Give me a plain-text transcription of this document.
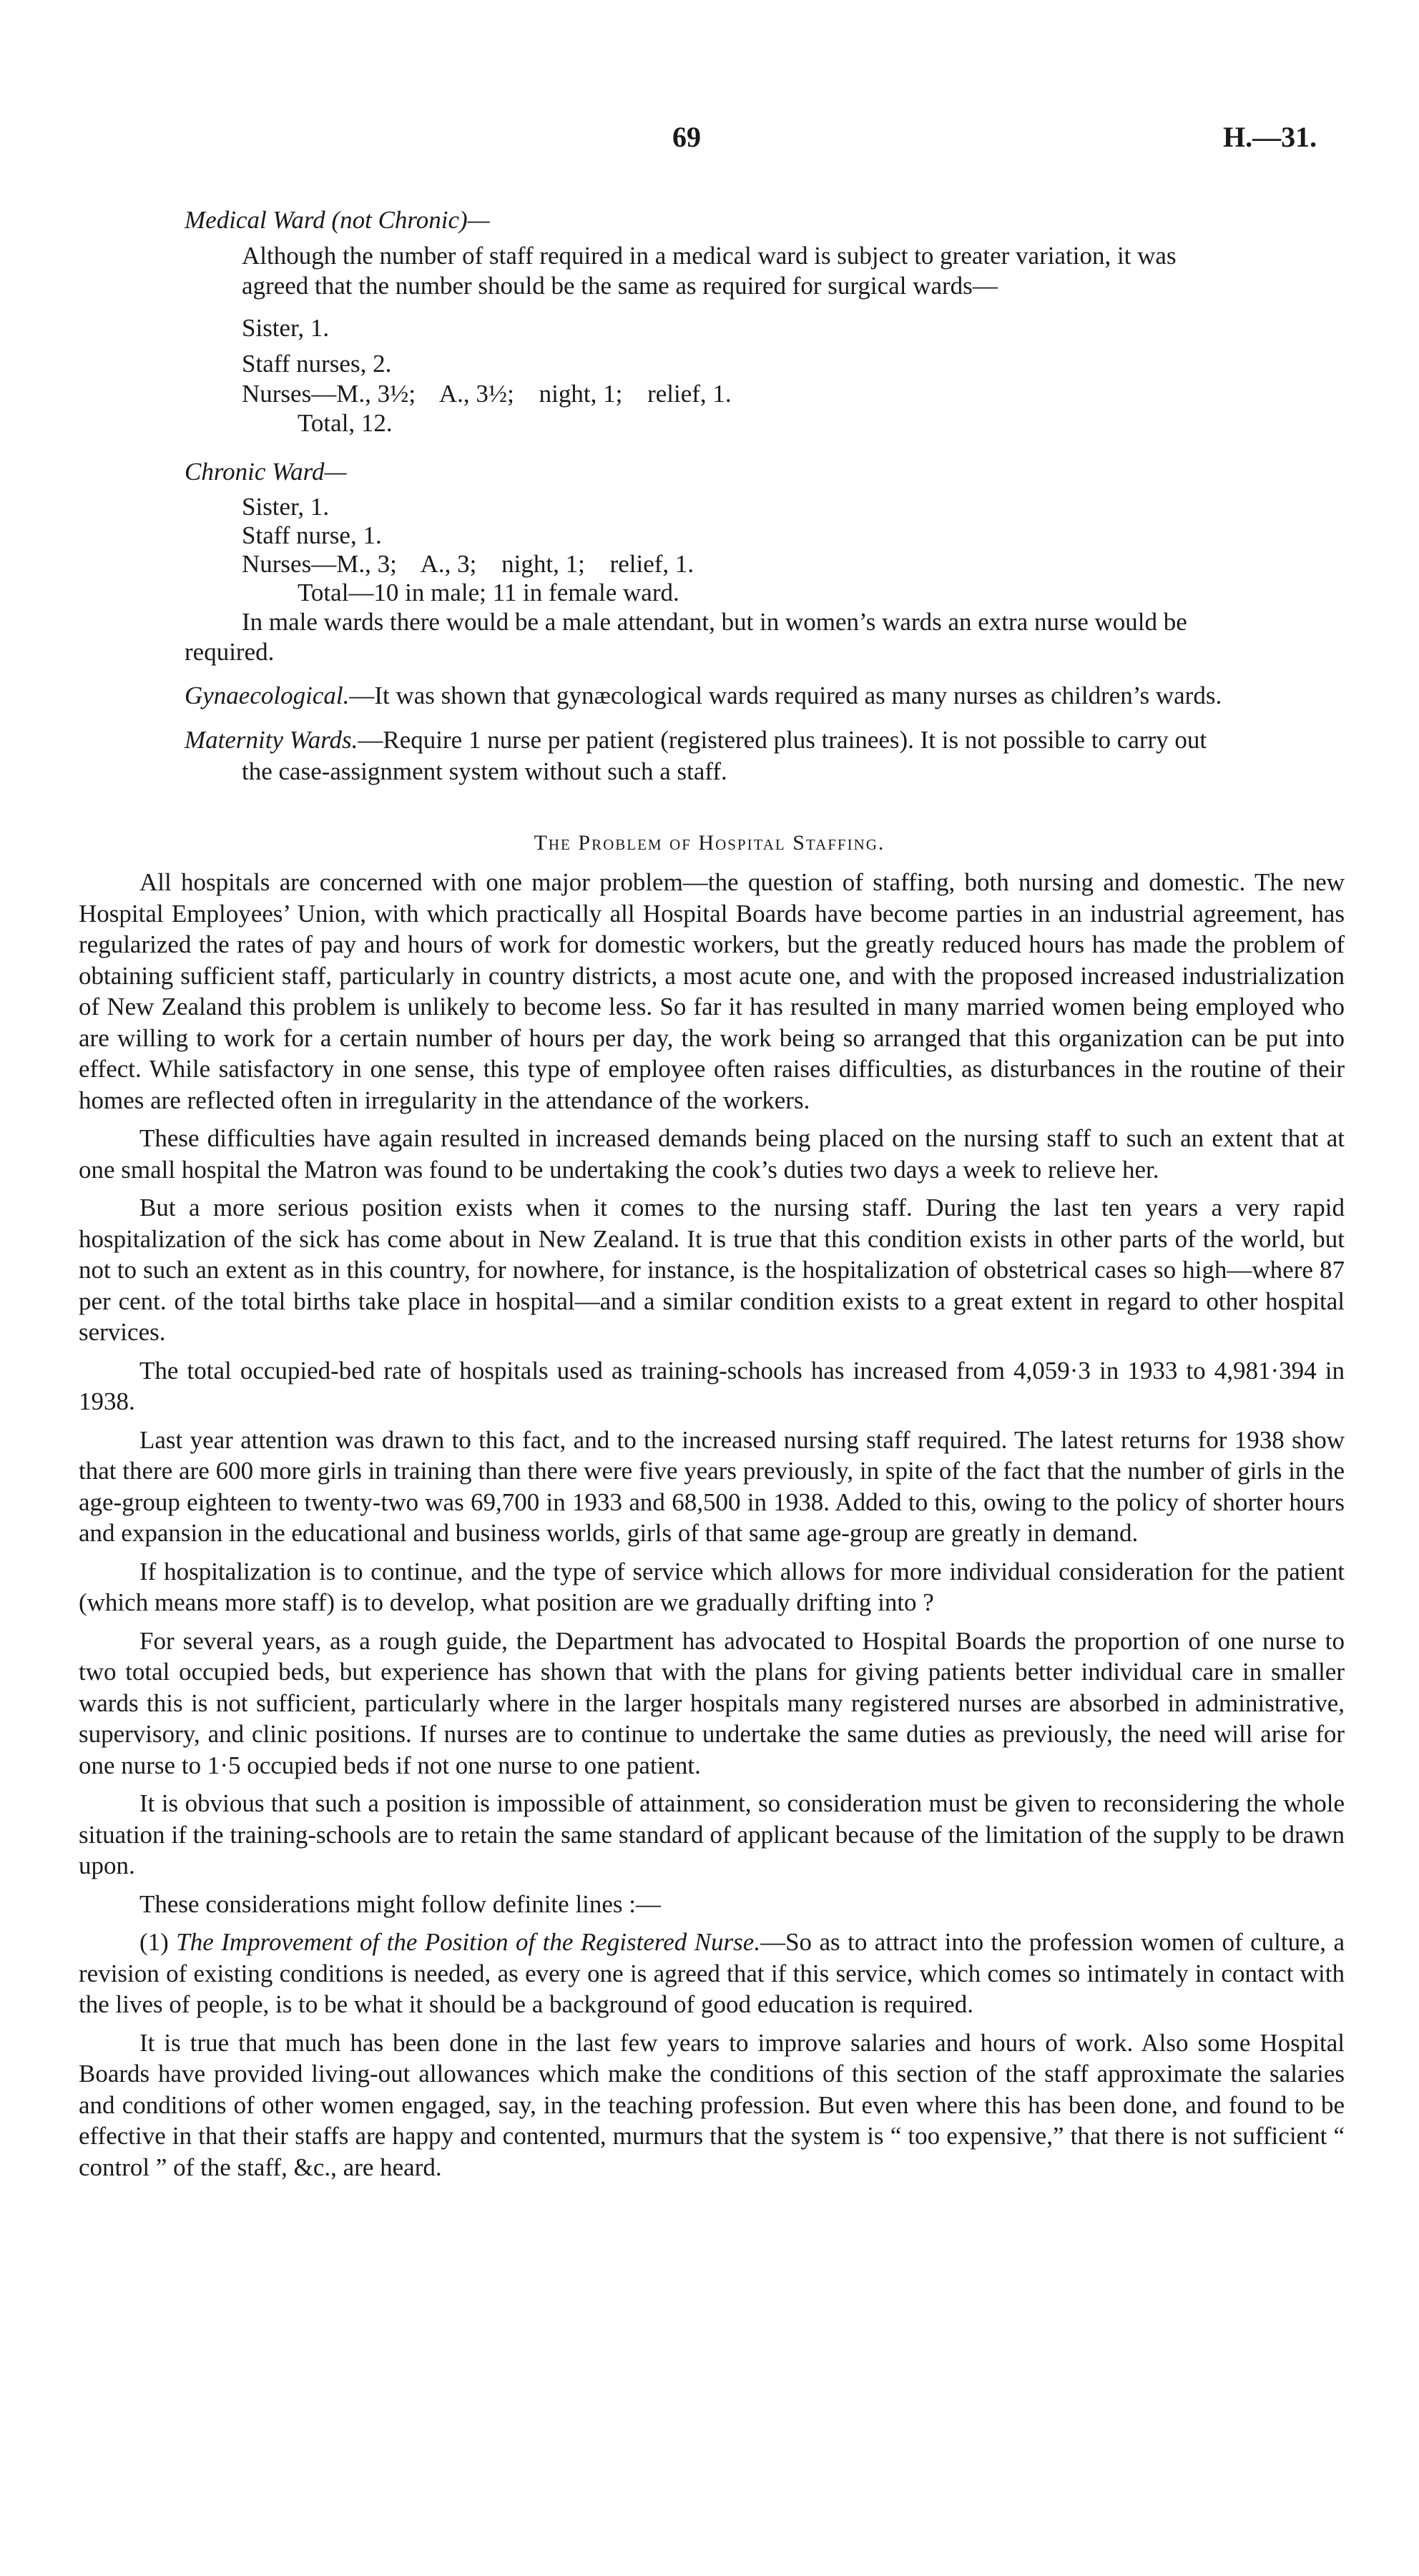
69	H.—31.

Medical Ward (not Chronic)—

Although the number of staff required in a medical ward is subject to greater variation, it was agreed that the number should be the same as required for surgical wards—

Sister, 1.

Staff nurses, 2.

Nurses—M., 3½; A., 3½; night, 1; relief, 1.

Total, 12.

Chronic Ward—

Sister, 1.

Staff nurse, 1.

Nurses—M., 3; A., 3; night, 1; relief, 1.

Total—10 in male; 11 in female ward.

In male wards there would be a male attendant, but in women’s wards an extra nurse would be required.

Gynaecological.—It was shown that gynæcological wards required as many nurses as children’s wards.

Maternity Wards.—Require 1 nurse per patient (registered plus trainees). It is not possible to carry out the case-assignment system without such a staff.

The Problem of Hospital Staffing.

All hospitals are concerned with one major problem—the question of staffing, both nursing and domestic. The new Hospital Employees’ Union, with which practically all Hospital Boards have become parties in an industrial agreement, has regularized the rates of pay and hours of work for domestic workers, but the greatly reduced hours has made the problem of obtaining sufficient staff, particularly in country districts, a most acute one, and with the proposed increased industrialization of New Zealand this problem is unlikely to become less. So far it has resulted in many married women being employed who are willing to work for a certain number of hours per day, the work being so arranged that this organization can be put into effect. While satisfactory in one sense, this type of employee often raises difficulties, as disturbances in the routine of their homes are reflected often in irregularity in the attendance of the workers.

These difficulties have again resulted in increased demands being placed on the nursing staff to such an extent that at one small hospital the Matron was found to be undertaking the cook’s duties two days a week to relieve her.

But a more serious position exists when it comes to the nursing staff. During the last ten years a very rapid hospitalization of the sick has come about in New Zealand. It is true that this condition exists in other parts of the world, but not to such an extent as in this country, for nowhere, for instance, is the hospitalization of obstetrical cases so high—where 87 per cent. of the total births take place in hospital—and a similar condition exists to a great extent in regard to other hospital services.

The total occupied-bed rate of hospitals used as training-schools has increased from 4,059·3 in 1933 to 4,981·394 in 1938.

Last year attention was drawn to this fact, and to the increased nursing staff required. The latest returns for 1938 show that there are 600 more girls in training than there were five years previously, in spite of the fact that the number of girls in the age-group eighteen to twenty-two was 69,700 in 1933 and 68,500 in 1938. Added to this, owing to the policy of shorter hours and expansion in the educational and business worlds, girls of that same age-group are greatly in demand.

If hospitalization is to continue, and the type of service which allows for more individual consideration for the patient (which means more staff) is to develop, what position are we gradually drifting into ?

For several years, as a rough guide, the Department has advocated to Hospital Boards the proportion of one nurse to two total occupied beds, but experience has shown that with the plans for giving patients better individual care in smaller wards this is not sufficient, particularly where in the larger hospitals many registered nurses are absorbed in administrative, supervisory, and clinic positions. If nurses are to continue to undertake the same duties as previously, the need will arise for one nurse to 1·5 occupied beds if not one nurse to one patient.

It is obvious that such a position is impossible of attainment, so consideration must be given to reconsidering the whole situation if the training-schools are to retain the same standard of applicant because of the limitation of the supply to be drawn upon.

These considerations might follow definite lines :—

(1) The Improvement of the Position of the Registered Nurse.—So as to attract into the profession women of culture, a revision of existing conditions is needed, as every one is agreed that if this service, which comes so intimately in contact with the lives of people, is to be what it should be a background of good education is required.

It is true that much has been done in the last few years to improve salaries and hours of work. Also some Hospital Boards have provided living-out allowances which make the conditions of this section of the staff approximate the salaries and conditions of other women engaged, say, in the teaching profession. But even where this has been done, and found to be effective in that their staffs are happy and contented, murmurs that the system is “ too expensive,” that there is not sufficient “ control ” of the staff, &c., are heard.
